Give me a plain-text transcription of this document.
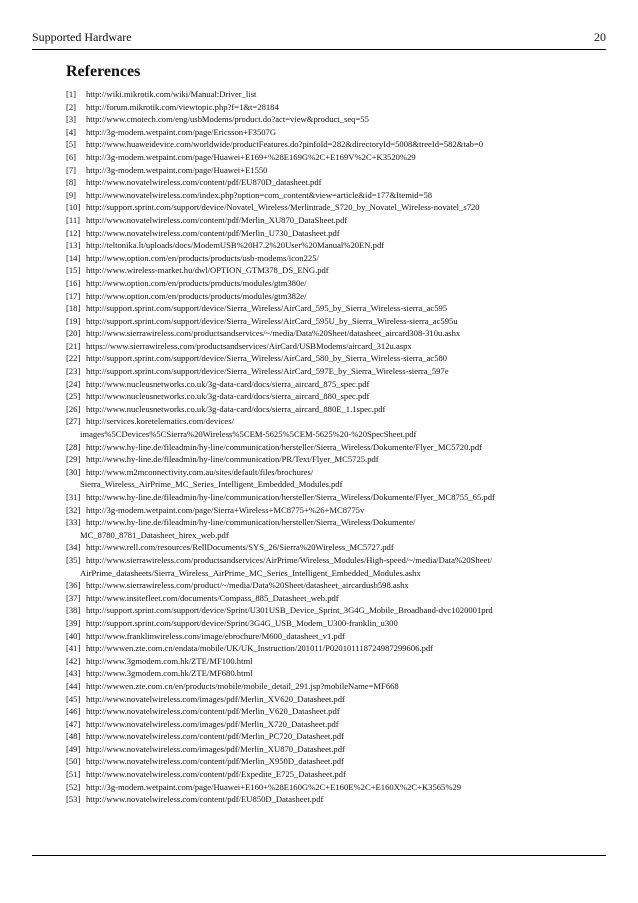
Supported Hardware	20
References
[1] http://wiki.mikrotik.com/wiki/Manual:Driver_list
[2] http://forum.mikrotik.com/viewtopic.php?f=1&t=28184
[3] http://www.cmotech.com/eng/usbModems/product.do?act=view&product_seq=55
[4] http://3g-modem.wetpaint.com/page/Ericsson+F3507G
[5] http://www.huaweidevice.com/worldwide/productFeatures.do?pinfoId=282&directoryId=5008&treeId=582&tab=0
[6] http://3g-modem.wetpaint.com/page/Huawei+E169+%28E169G%2C+E169V%2C+K3520%29
[7] http://3g-modem.wetpaint.com/page/Huawei+E1550
[8] http://www.novatelwireless.com/content/pdf/EU870D_datasheet.pdf
[9] http://www.novatelwireless.com/index.php?option=com_content&view=article&id=177&Itemid=58
[10] http://support.sprint.com/support/device/Novatel_Wireless/Merlintrade_S720_by_Novatel_Wireless-novatel_s720
[11] http://www.novatelwireless.com/content/pdf/Merlin_XU870_DataSheet.pdf
[12] http://www.novatelwireless.com/content/pdf/Merlin_U730_Datasheet.pdf
[13] http://teltonika.lt/uploads/docs/ModemUSB%20H7.2%20User%20Manual%20EN.pdf
[14] http://www.option.com/en/products/products/usb-modems/icon225/
[15] http://www.wireless-market.hu/dwl/OPTION_GTM378_DS_ENG.pdf
[16] http://www.option.com/en/products/products/modules/gtm380e/
[17] http://www.option.com/en/products/products/modules/gtm382e/
[18] http://support.sprint.com/support/device/Sierra_Wireless/AirCard_595_by_Sierra_Wireless-sierra_ac595
[19] http://support.sprint.com/support/device/Sierra_Wireless/AirCard_595U_by_Sierra_Wireless-sierra_ac595u
[20] http://www.sierrawireless.com/productsandservices/~/media/Data%20Sheet/datasheet_aircard308-310u.ashx
[21] https://www.sierrawireless.com/productsandservices/AirCard/USBModems/aircard_312u.aspx
[22] http://support.sprint.com/support/device/Sierra_Wireless/AirCard_580_by_Sierra_Wireless-sierra_ac580
[23] http://support.sprint.com/support/device/Sierra_Wireless/AirCard_597E_by_Sierra_Wireless-sierra_597e
[24] http://www.nucleusnetworks.co.uk/3g-data-card/docs/sierra_aircard_875_spec.pdf
[25] http://www.nucleusnetworks.co.uk/3g-data-card/docs/sierra_aircard_880_spec.pdf
[26] http://www.nucleusnetworks.co.uk/3g-data-card/docs/sierra_aircard_880E_1.1spec.pdf
[27] http://services.koretelematics.com/devices/
images%5CDevices%5CSierra%20Wireless%5CEM-5625%5CEM-5625%20-%20SpecSheet.pdf
[28] http://www.hy-line.de/fileadmin/hy-line/communication/hersteller/Sierra_Wireless/Dokumente/Flyer_MC5720.pdf
[29] http://www.hy-line.de/fileadmin/hy-line/communication/PR/Text/Flyer_MC5725.pdf
[30] http://www.m2mconnectivity.com.au/sites/default/files/brochures/
Sierra_Wireless_AirPrime_MC_Series_Intelligent_Embedded_Modules.pdf
[31] http://www.hy-line.de/fileadmin/hy-line/communication/hersteller/Sierra_Wireless/Dokumente/Flyer_MC8755_65.pdf
[32] http://3g-modem.wetpaint.com/page/Sierra+Wireless+MC8775+%26+MC8775v
[33] http://www.hy-line.de/fileadmin/hy-line/communication/hersteller/Sierra_Wireless/Dokumente/
MC_8780_8781_Datasheet_hirex_web.pdf
[34] http://www.rell.com/resources/RellDocuments/SYS_26/Sierra%20Wireless_MC5727.pdf
[35] http://www.sierrawireless.com/productsandservices/AirPrime/Wireless_Modules/High-speed/~/media/Data%20Sheet/
AirPrime_datasheets/Sierra_Wireless_AirPrime_MC_Series_Intelligent_Embedded_Modules.ashx
[36] http://www.sierrawireless.com/product/~/media/Data%20Sheet/datasheet_aircardusb598.ashx
[37] http://www.insitefleet.com/documents/Compass_885_Datasheet_web.pdf
[38] http://support.sprint.com/support/device/Sprint/U301USB_Device_Sprint_3G4G_Mobile_Broadband-dvc1020001prd
[39] http://support.sprint.com/support/device/Sprint/3G4G_USB_Modem_U300-franklin_u300
[40] http://www.franklinwireless.com/image/ebrochure/M600_datasheet_v1.pdf
[41] http://wwwen.zte.com.cn/endata/mobile/UK/UK_Instruction/201011/P020101118724987299606.pdf
[42] http://www.3gmodem.com.hk/ZTE/MF100.html
[43] http://www.3gmodem.com.hk/ZTE/MF680.html
[44] http://wwwen.zte.com.cn/en/products/mobile/mobile_detail_291.jsp?mobileName=MF668
[45] http://www.novatelwireless.com/images/pdf/Merlin_XV620_Datasheet.pdf
[46] http://www.novatelwireless.com/content/pdf/Merlin_V620_Datasheet.pdf
[47] http://www.novatelwireless.com/images/pdf/Merlin_X720_Datasheet.pdf
[48] http://www.novatelwireless.com/content/pdf/Merlin_PC720_Datasheet.pdf
[49] http://www.novatelwireless.com/images/pdf/Merlin_XU870_Datasheet.pdf
[50] http://www.novatelwireless.com/content/pdf/Merlin_X950D_datasheet.pdf
[51] http://www.novatelwireless.com/content/pdf/Expedite_E725_Datasheet.pdf
[52] http://3g-modem.wetpaint.com/page/Huawei+E160+%28E160G%2C+E160E%2C+E160X%2C+K3565%29
[53] http://www.novatelwireless.com/content/pdf/EU850D_Datasheet.pdf
